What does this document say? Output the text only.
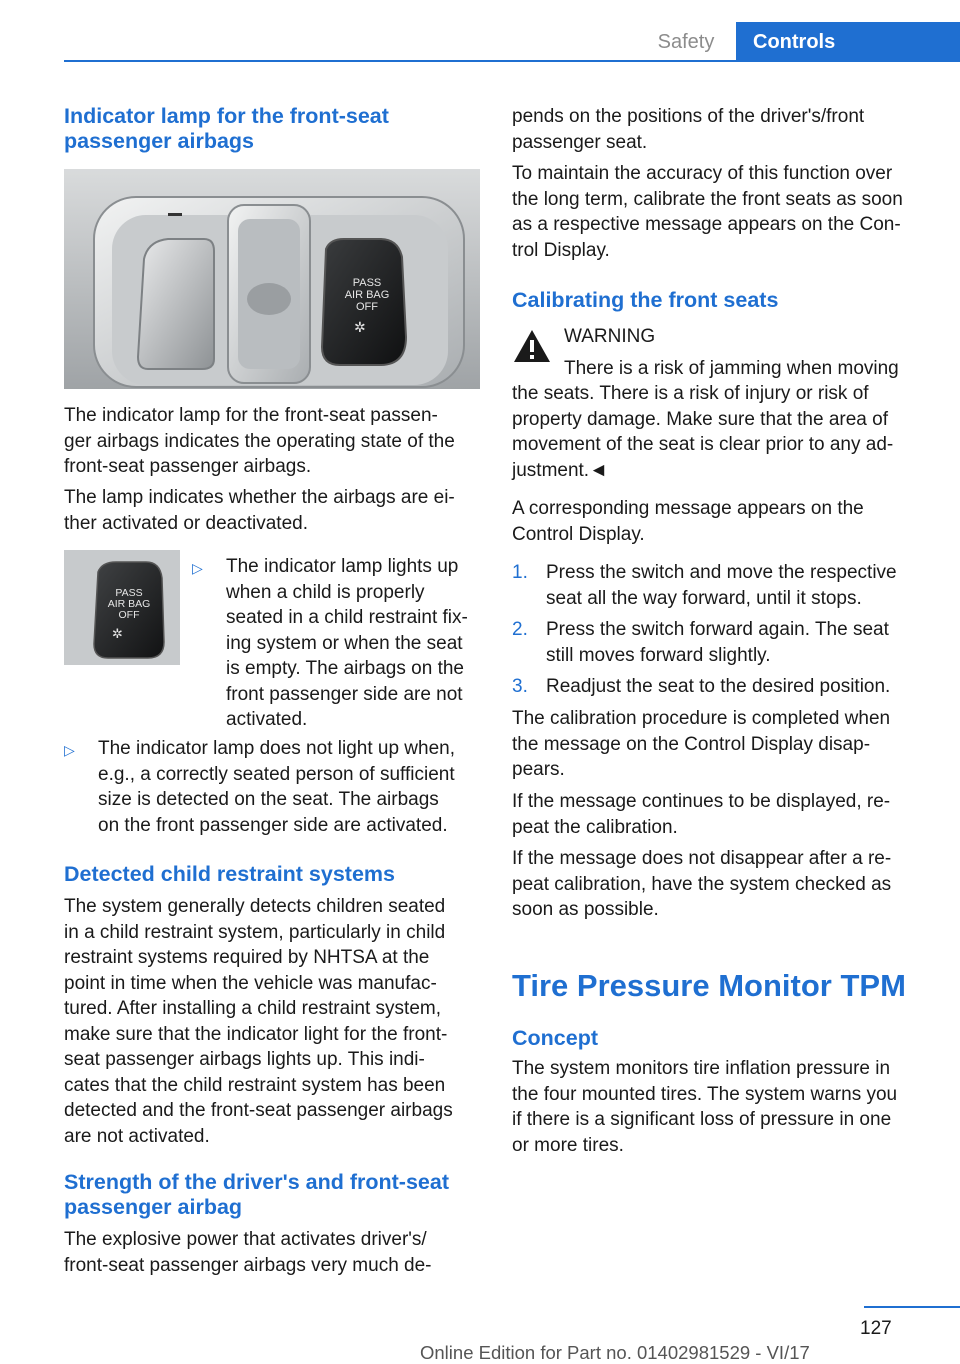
Safety	Controls
Indicator lamp for the front-seat
passenger airbags
PASS
AIR BAG
OFF
✲
The indicator lamp for the front-seat passen-
ger airbags indicates the operating state of the
front-seat passenger airbags.
The lamp indicates whether the airbags are ei-
ther activated or deactivated.
PASS
AIR BAG
OFF
✲
▷ The indicator lamp lights up
when a child is properly
seated in a child restraint fix-
ing system or when the seat
is empty. The airbags on the
front passenger side are not
activated.
▷ The indicator lamp does not light up when,
e.g., a correctly seated person of sufficient
size is detected on the seat. The airbags
on the front passenger side are activated.
Detected child restraint systems
The system generally detects children seated
in a child restraint system, particularly in child
restraint systems required by NHTSA at the
point in time when the vehicle was manufac-
tured. After installing a child restraint system,
make sure that the indicator light for the front-
seat passenger airbags lights up. This indi-
cates that the child restraint system has been
detected and the front-seat passenger airbags
are not activated.
Strength of the driver's and front-seat
passenger airbag
The explosive power that activates driver's/
front-seat passenger airbags very much de-
pends on the positions of the driver's/front
passenger seat.
To maintain the accuracy of this function over
the long term, calibrate the front seats as soon
as a respective message appears on the Con-
trol Display.
Calibrating the front seats
WARNING
There is a risk of jamming when moving
the seats. There is a risk of injury or risk of
property damage. Make sure that the area of
movement of the seat is clear prior to any ad-
justment.◄
A corresponding message appears on the
Control Display.
1. Press the switch and move the respective
seat all the way forward, until it stops.
2. Press the switch forward again. The seat
still moves forward slightly.
3. Readjust the seat to the desired position.
The calibration procedure is completed when
the message on the Control Display disap-
pears.
If the message continues to be displayed, re-
peat the calibration.
If the message does not disappear after a re-
peat calibration, have the system checked as
soon as possible.
Tire Pressure Monitor TPM
Concept
The system monitors tire inflation pressure in
the four mounted tires. The system warns you
if there is a significant loss of pressure in one
or more tires.
127
Online Edition for Part no. 01402981529 - VI/17
